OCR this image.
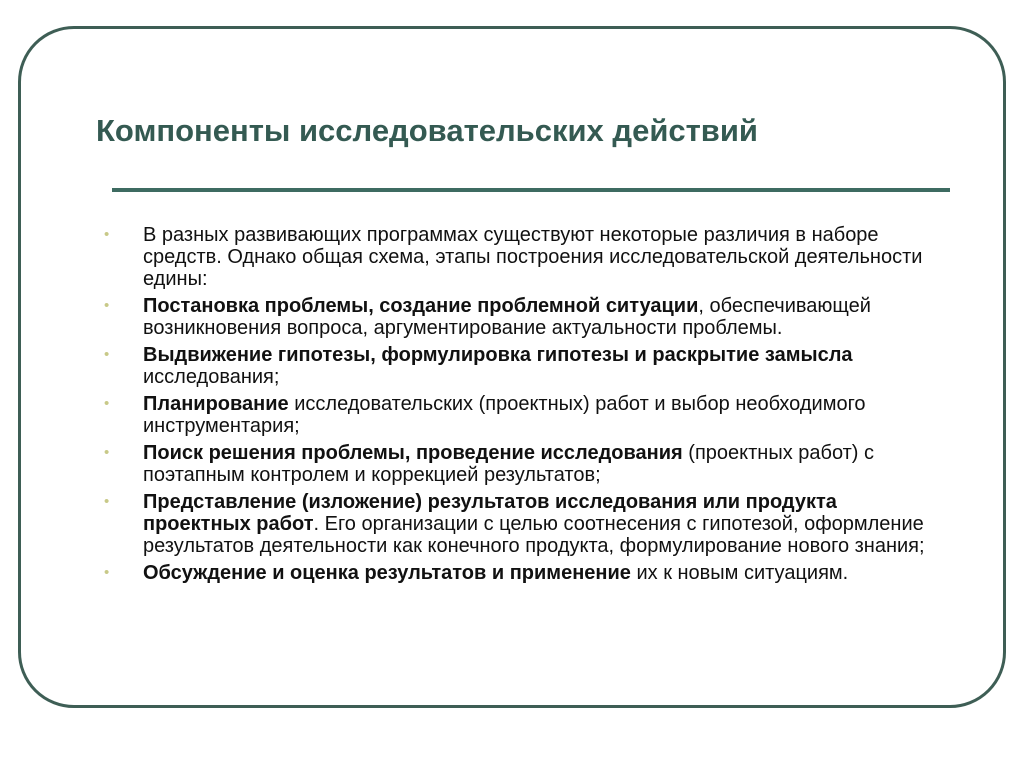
Компоненты исследовательских действий
• В разных развивающих программах существуют некоторые различия в наборе средств. Однако общая схема, этапы построения исследовательской деятельности едины:
• Постановка проблемы, создание проблемной ситуации, обеспечивающей возникновения вопроса, аргументирование актуальности проблемы.
• Выдвижение гипотезы, формулировка гипотезы и раскрытие замысла исследования;
• Планирование исследовательских (проектных) работ и выбор необходимого инструментария;
• Поиск решения проблемы, проведение исследования (проектных работ) с поэтапным контролем и коррекцией результатов;
• Представление (изложение) результатов исследования или продукта проектных работ. Его организации с целью соотнесения с гипотезой, оформление результатов деятельности как конечного продукта, формулирование нового знания;
• Обсуждение и оценка результатов и применение их к новым ситуациям.
